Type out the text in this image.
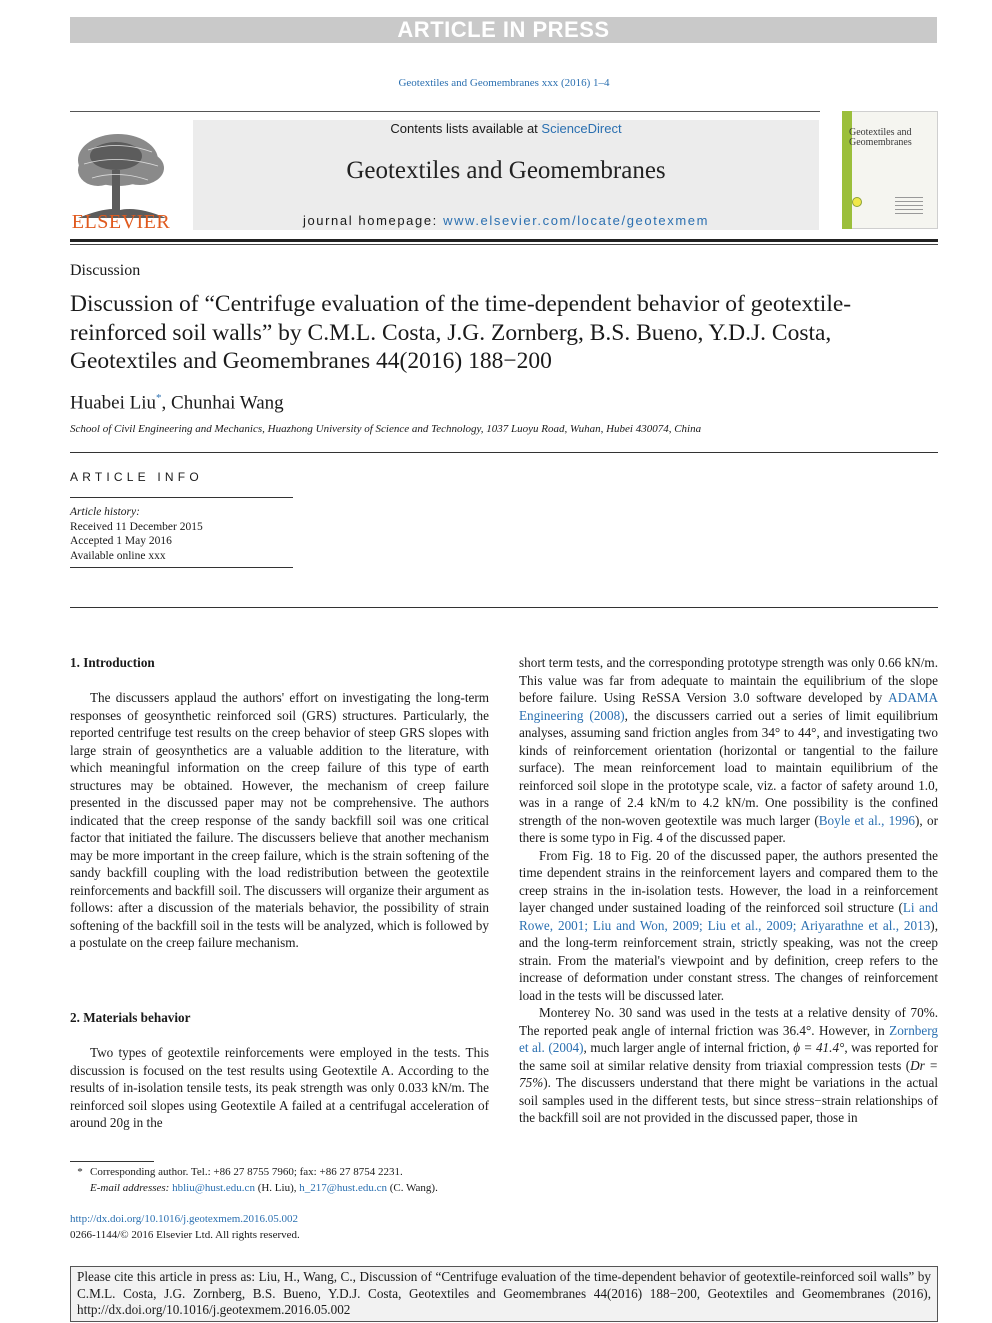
ARTICLE IN PRESS
Geotextiles and Geomembranes xxx (2016) 1–4
ELSEVIER
Contents lists available at ScienceDirect
Geotextiles and Geomembranes
journal homepage: www.elsevier.com/locate/geotexmem
Geotextiles and Geomembranes
Discussion
Discussion of “Centrifuge evaluation of the time-dependent behavior of geotextile-reinforced soil walls” by C.M.L. Costa, J.G. Zornberg, B.S. Bueno, Y.D.J. Costa, Geotextiles and Geomembranes 44(2016) 188−200
Huabei Liu*, Chunhai Wang
School of Civil Engineering and Mechanics, Huazhong University of Science and Technology, 1037 Luoyu Road, Wuhan, Hubei 430074, China
ARTICLE INFO
Article history:
Received 11 December 2015
Accepted 1 May 2016
Available online xxx
1. Introduction

The discussers applaud the authors' effort on investigating the long-term responses of geosynthetic reinforced soil (GRS) structures. Particularly, the reported centrifuge test results on the creep behavior of steep GRS slopes with large strain of geosynthetics are a valuable addition to the literature, with which meaningful information on the creep failure of this type of earth structures may be obtained. However, the mechanism of creep failure presented in the discussed paper may not be comprehensive. The authors indicated that the creep response of the sandy backfill soil was one critical factor that initiated the failure. The discussers believe that another mechanism may be more important in the creep failure, which is the strain softening of the sandy backfill coupling with the load redistribution between the geotextile reinforcements and backfill soil. The discussers will organize their argument as follows: after a discussion of the materials behavior, the possibility of strain softening of the backfill soil in the tests will be analyzed, which is followed by a postulate on the creep failure mechanism.

2. Materials behavior

Two types of geotextile reinforcements were employed in the tests. This discussion is focused on the test results using Geotextile A. According to the results of in-isolation tensile tests, its peak strength was only 0.033 kN/m. The reinforced soil slopes using Geotextile A failed at a centrifugal acceleration of around 20g in the

short term tests, and the corresponding prototype strength was only 0.66 kN/m. This value was far from adequate to maintain the equilibrium of the slope before failure. Using ReSSA Version 3.0 software developed by ADAMA Engineering (2008), the discussers carried out a series of limit equilibrium analyses, assuming sand friction angles from 34° to 44°, and investigating two kinds of reinforcement orientation (horizontal or tangential to the failure surface). The mean reinforcement load to maintain equilibrium of the reinforced soil slope in the prototype scale, viz. a factor of safety around 1.0, was in a range of 2.4 kN/m to 4.2 kN/m. One possibility is the confined strength of the non-woven geotextile was much larger (Boyle et al., 1996), or there is some typo in Fig. 4 of the discussed paper.

From Fig. 18 to Fig. 20 of the discussed paper, the authors presented the time dependent strains in the reinforcement layers and compared them to the creep strains in the in-isolation tests. However, the load in a reinforcement layer changed under sustained loading of the reinforced soil structure (Li and Rowe, 2001; Liu and Won, 2009; Liu et al., 2009; Ariyarathne et al., 2013), and the long-term reinforcement strain, strictly speaking, was not the creep strain. From the material's viewpoint and by definition, creep refers to the increase of deformation under constant stress. The changes of reinforcement load in the tests will be discussed later.

Monterey No. 30 sand was used in the tests at a relative density of 70%. The reported peak angle of internal friction was 36.4°. However, in Zornberg et al. (2004), much larger angle of internal friction, ϕ = 41.4°, was reported for the same soil at similar relative density from triaxial compression tests (Dr = 75%). The discussers understand that there might be variations in the actual soil samples used in the different tests, but since stress−strain relationships of the backfill soil are not provided in the discussed paper, those in

* Corresponding author. Tel.: +86 27 8755 7960; fax: +86 27 8754 2231.
E-mail addresses: hbliu@hust.edu.cn (H. Liu), h_217@hust.edu.cn (C. Wang).
http://dx.doi.org/10.1016/j.geotexmem.2016.05.002
0266-1144/© 2016 Elsevier Ltd. All rights reserved.
Please cite this article in press as: Liu, H., Wang, C., Discussion of “Centrifuge evaluation of the time-dependent behavior of geotextile-reinforced soil walls” by C.M.L. Costa, J.G. Zornberg, B.S. Bueno, Y.D.J. Costa, Geotextiles and Geomembranes 44(2016) 188−200, Geotextiles and Geomembranes (2016), http://dx.doi.org/10.1016/j.geotexmem.2016.05.002
